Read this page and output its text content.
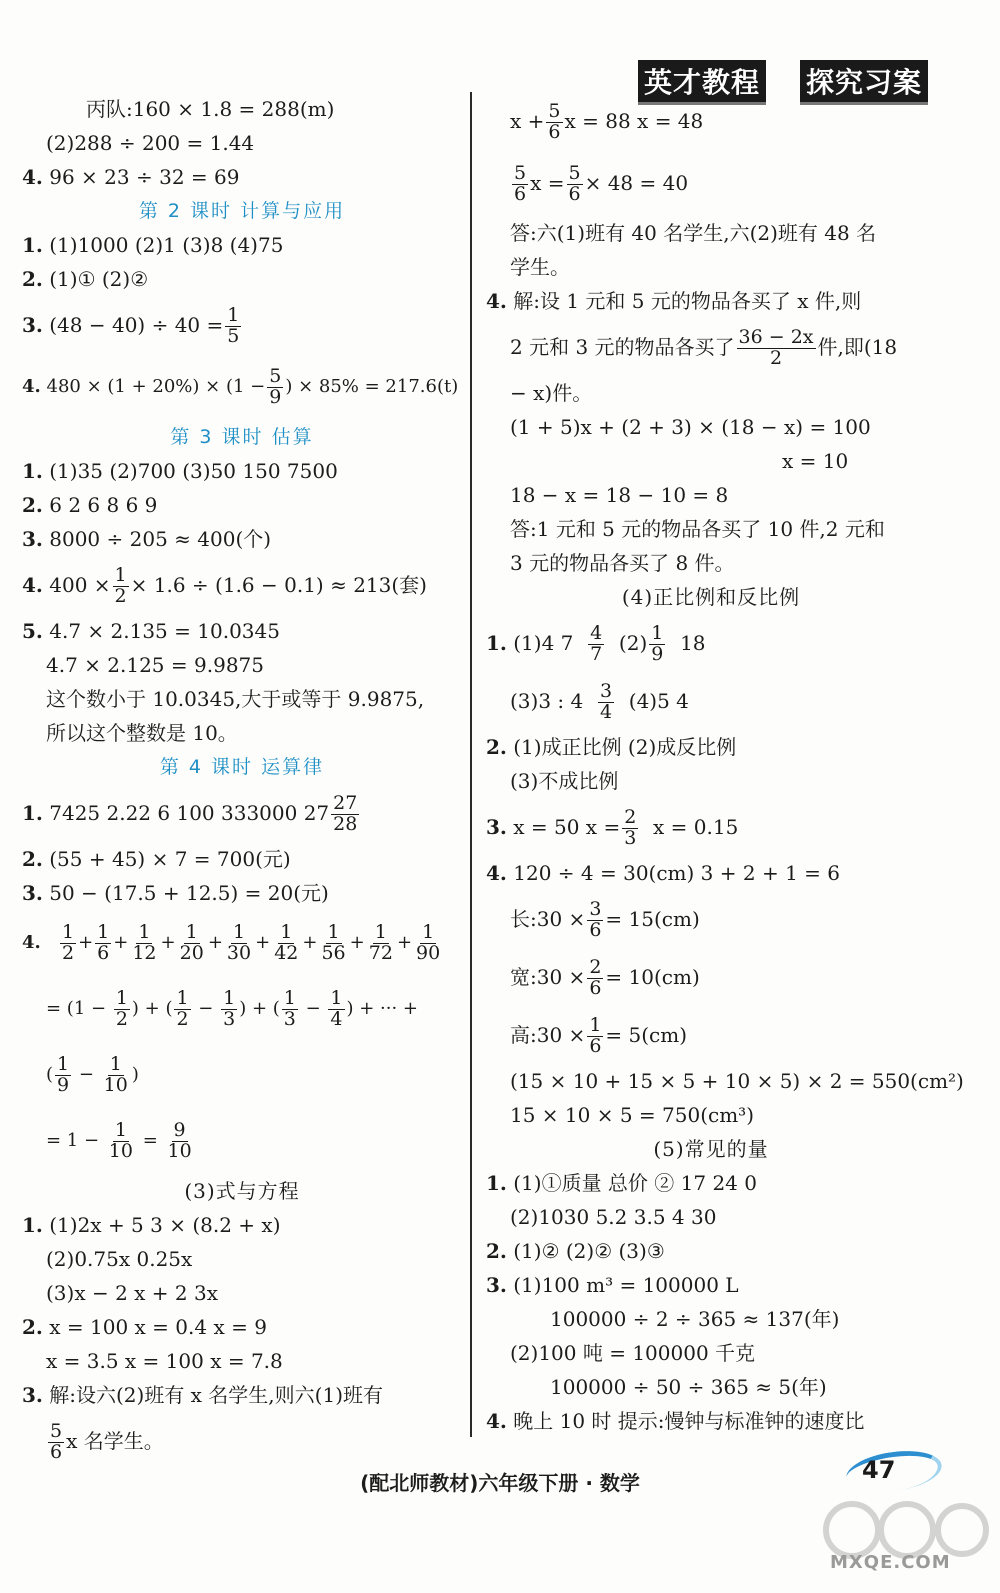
英才教程 探究习案
丙队:160 × 1.8 = 288(m)
(2)288 ÷ 200 = 1.44
4. 96 × 23 ÷ 32 = 69
第 2 课时 计算与应用
1. (1)1000 (2)1 (3)8 (4)75
2. (1)① (2)②
3. $(48 - 40) \div 40 = \frac{1}{5}$
4. $480 \times (1 + 20\%) \times (1 - \frac{5}{9}$ ) × 85% = 217.6(t)
第 3 课时 估算
1. (1)35 (2)700 (3)50 150 7500
2. 6 2 6 8 6 9
3. 8000 ÷ 205 ≈ 400(个)
4. $400 \times \frac{1}{2} \times 1.6 \div (1.6 - 0.1) \approx 213$(套)
5. 4.7 × 2.135 = 10.0345
4.7 × 2.125 = 9.9875
这个数小于 10.0345,大于或等于 9.9875,
所以这个整数是 10。
第 4 课时 运算律
1. 7425 2.22 6 100 333000 $27 \frac{27}{28}$
2. (55 + 45) × 7 = 700(元)
3. 50 − (17.5 + 12.5) = 20(元)
4. $\frac{1}{2} + \frac{1}{6} + \frac{1}{12} + \frac{1}{20} + \frac{1}{30} + \frac{1}{42} + \frac{1}{56} + \frac{1}{72} + \frac{1}{90}$
= ($1 - \frac{1}{2}$ ) + ( $\frac{1}{2} - \frac{1}{3}$ ) + ( $\frac{1}{3} - \frac{1}{4}$ ) + ··· +
( $\frac{1}{9} - \frac{1}{10}$ )
= $1 - \frac{1}{10} = \frac{9}{10}$
(3)式与方程
1. (1)2x + 5 3 × (8.2 + x)
(2)0.75x 0.25x
(3)x − 2 x + 2 3x
2. x = 100 x = 0.4 x = 9
x = 3.5 x = 100 x = 7.8
3. 解:设六(2)班有 x 名学生,则六(1)班有
$\frac{5}{6}$ x 名学生。
$x + \frac{5}{6}$ x = 88 x = 48
$\frac{5}{6}$ $x = \frac{5}{6} \times 48 = 40$
答:六(1)班有 40 名学生,六(2)班有 48 名
学生。
4. 解:设 1 元和 5 元的物品各买了 x 件,则
2 元和 3 元的物品各买了 $\frac{36 - 2x}{2}$ 件,即(18
− x)件。
(1 + 5)x + (2 + 3) × (18 − x) = 100
x = 10
18 − x = 18 − 10 = 8
答:1 元和 5 元的物品各买了 10 件,2 元和
3 元的物品各买了 8 件。
(4)正比例和反比例
1. (1)4 $7 \frac{4}{7} (2) \frac{1}{9} 18$
(3)3 : $4 \frac{3}{4} (4)5$ 4
2. (1)成正比例 (2)成反比例
(3)不成比例
3. x = 50 $x = \frac{2}{3}$ x = 0.15
4. 120 ÷ 4 = 30(cm) 3 + 2 + 1 = 6
长:30 × $\frac{3}{6} = 15(cm)$
宽:30 × $\frac{2}{6} = 10(cm)$
高:30 × $\frac{1}{6} = 5(cm)$
(15 × 10 + 15 × 5 + 10 × 5) × 2 = 550(cm²)
15 × 10 × 5 = 750(cm³)
(5)常见的量
1. (1)①质量 总价 ② 17 24 0
(2)1030 5.2 3.5 4 30
2. (1)② (2)② (3)③
3. (1)100 m³ = 100000 L
100000 ÷ 2 ÷ 365 ≈ 137(年)
(2)100 吨 = 100000 千克
100000 ÷ 50 ÷ 365 ≈ 5(年)
4. 晚上 10 时 提示:慢钟与标准钟的速度比
47
(配北师教材)六年级下册 · 数学
MXQE.COM
